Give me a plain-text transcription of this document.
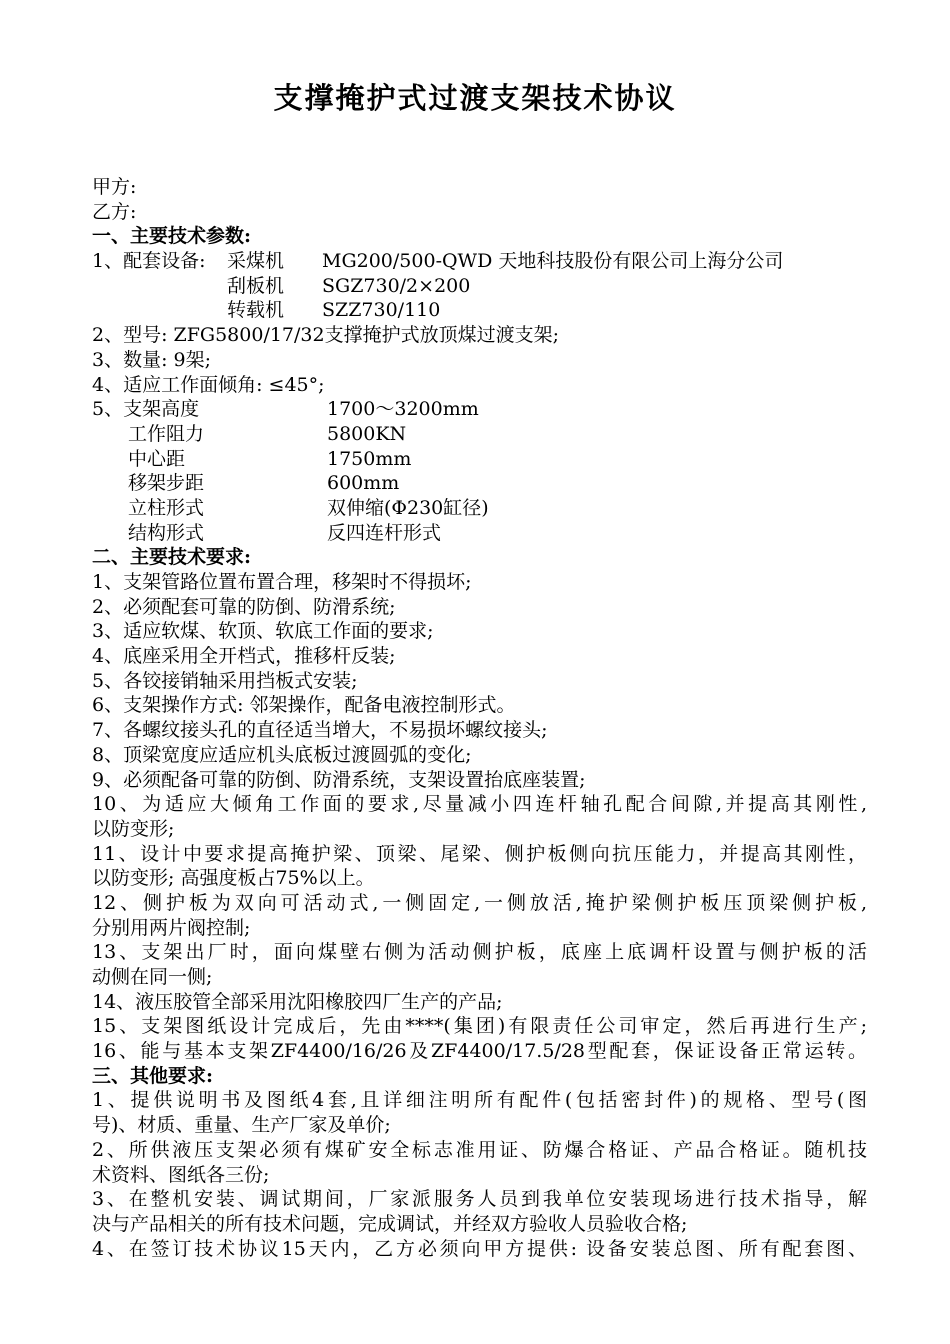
支撑掩护式过渡支架技术协议
甲方:
乙方:
一、主要技术参数:
1、配套设备: 采煤机 MG200/500-QWD 天地科技股份有限公司上海分公司
刮板机 SGZ730/2×200
转载机 SZZ730/110
2、型号: ZFG5800/17/32支撑掩护式放顶煤过渡支架;
3、数量: 9架;
4、适应工作面倾角: ≤45°;
5、支架高度	1700～3200mm
工作阻力	5800KN
中心距	1750mm
移架步距	600mm
立柱形式	双伸缩(Φ230缸径)
结构形式	反四连杆形式
二、主要技术要求:
1、支架管路位置布置合理，移架时不得损坏;
2、必须配套可靠的防倒、防滑系统;
3、适应软煤、软顶、软底工作面的要求;
4、底座采用全开档式，推移杆反装;
5、各铰接销轴采用挡板式安装;
6、支架操作方式: 邻架操作，配备电液控制形式。
7、各螺纹接头孔的直径适当增大，不易损坏螺纹接头;
8、顶梁宽度应适应机头底板过渡圆弧的变化;
9、必须配备可靠的防倒、防滑系统，支架设置抬底座装置;
10、为适应大倾角工作面的要求,尽量减小四连杆轴孔配合间隙,并提高其刚性,
以防变形;
11、设计中要求提高掩护梁、顶梁、尾梁、侧护板侧向抗压能力，并提高其刚性，
以防变形; 高强度板占75%以上。
12、侧护板为双向可活动式,一侧固定,一侧放活,掩护梁侧护板压顶梁侧护板,
分别用两片阀控制;
13、支架出厂时，面向煤壁右侧为活动侧护板，底座上底调杆设置与侧护板的活
动侧在同一侧;
14、液压胶管全部采用沈阳橡胶四厂生产的产品;
15、支架图纸设计完成后，先由****(集团)有限责任公司审定，然后再进行生产;
16、能与基本支架ZF4400/16/26及ZF4400/17.5/28型配套，保证设备正常运转。
三、其他要求:
1、提供说明书及图纸4套,且详细注明所有配件(包括密封件)的规格、型号(图
号)、材质、重量、生产厂家及单价;
2、所供液压支架必须有煤矿安全标志准用证、防爆合格证、产品合格证。随机技
术资料、图纸各三份;
3、在整机安装、调试期间，厂家派服务人员到我单位安装现场进行技术指导，解
决与产品相关的所有技术问题，完成调试，并经双方验收人员验收合格;
4、在签订技术协议15天内，乙方必须向甲方提供: 设备安装总图、所有配套图、
